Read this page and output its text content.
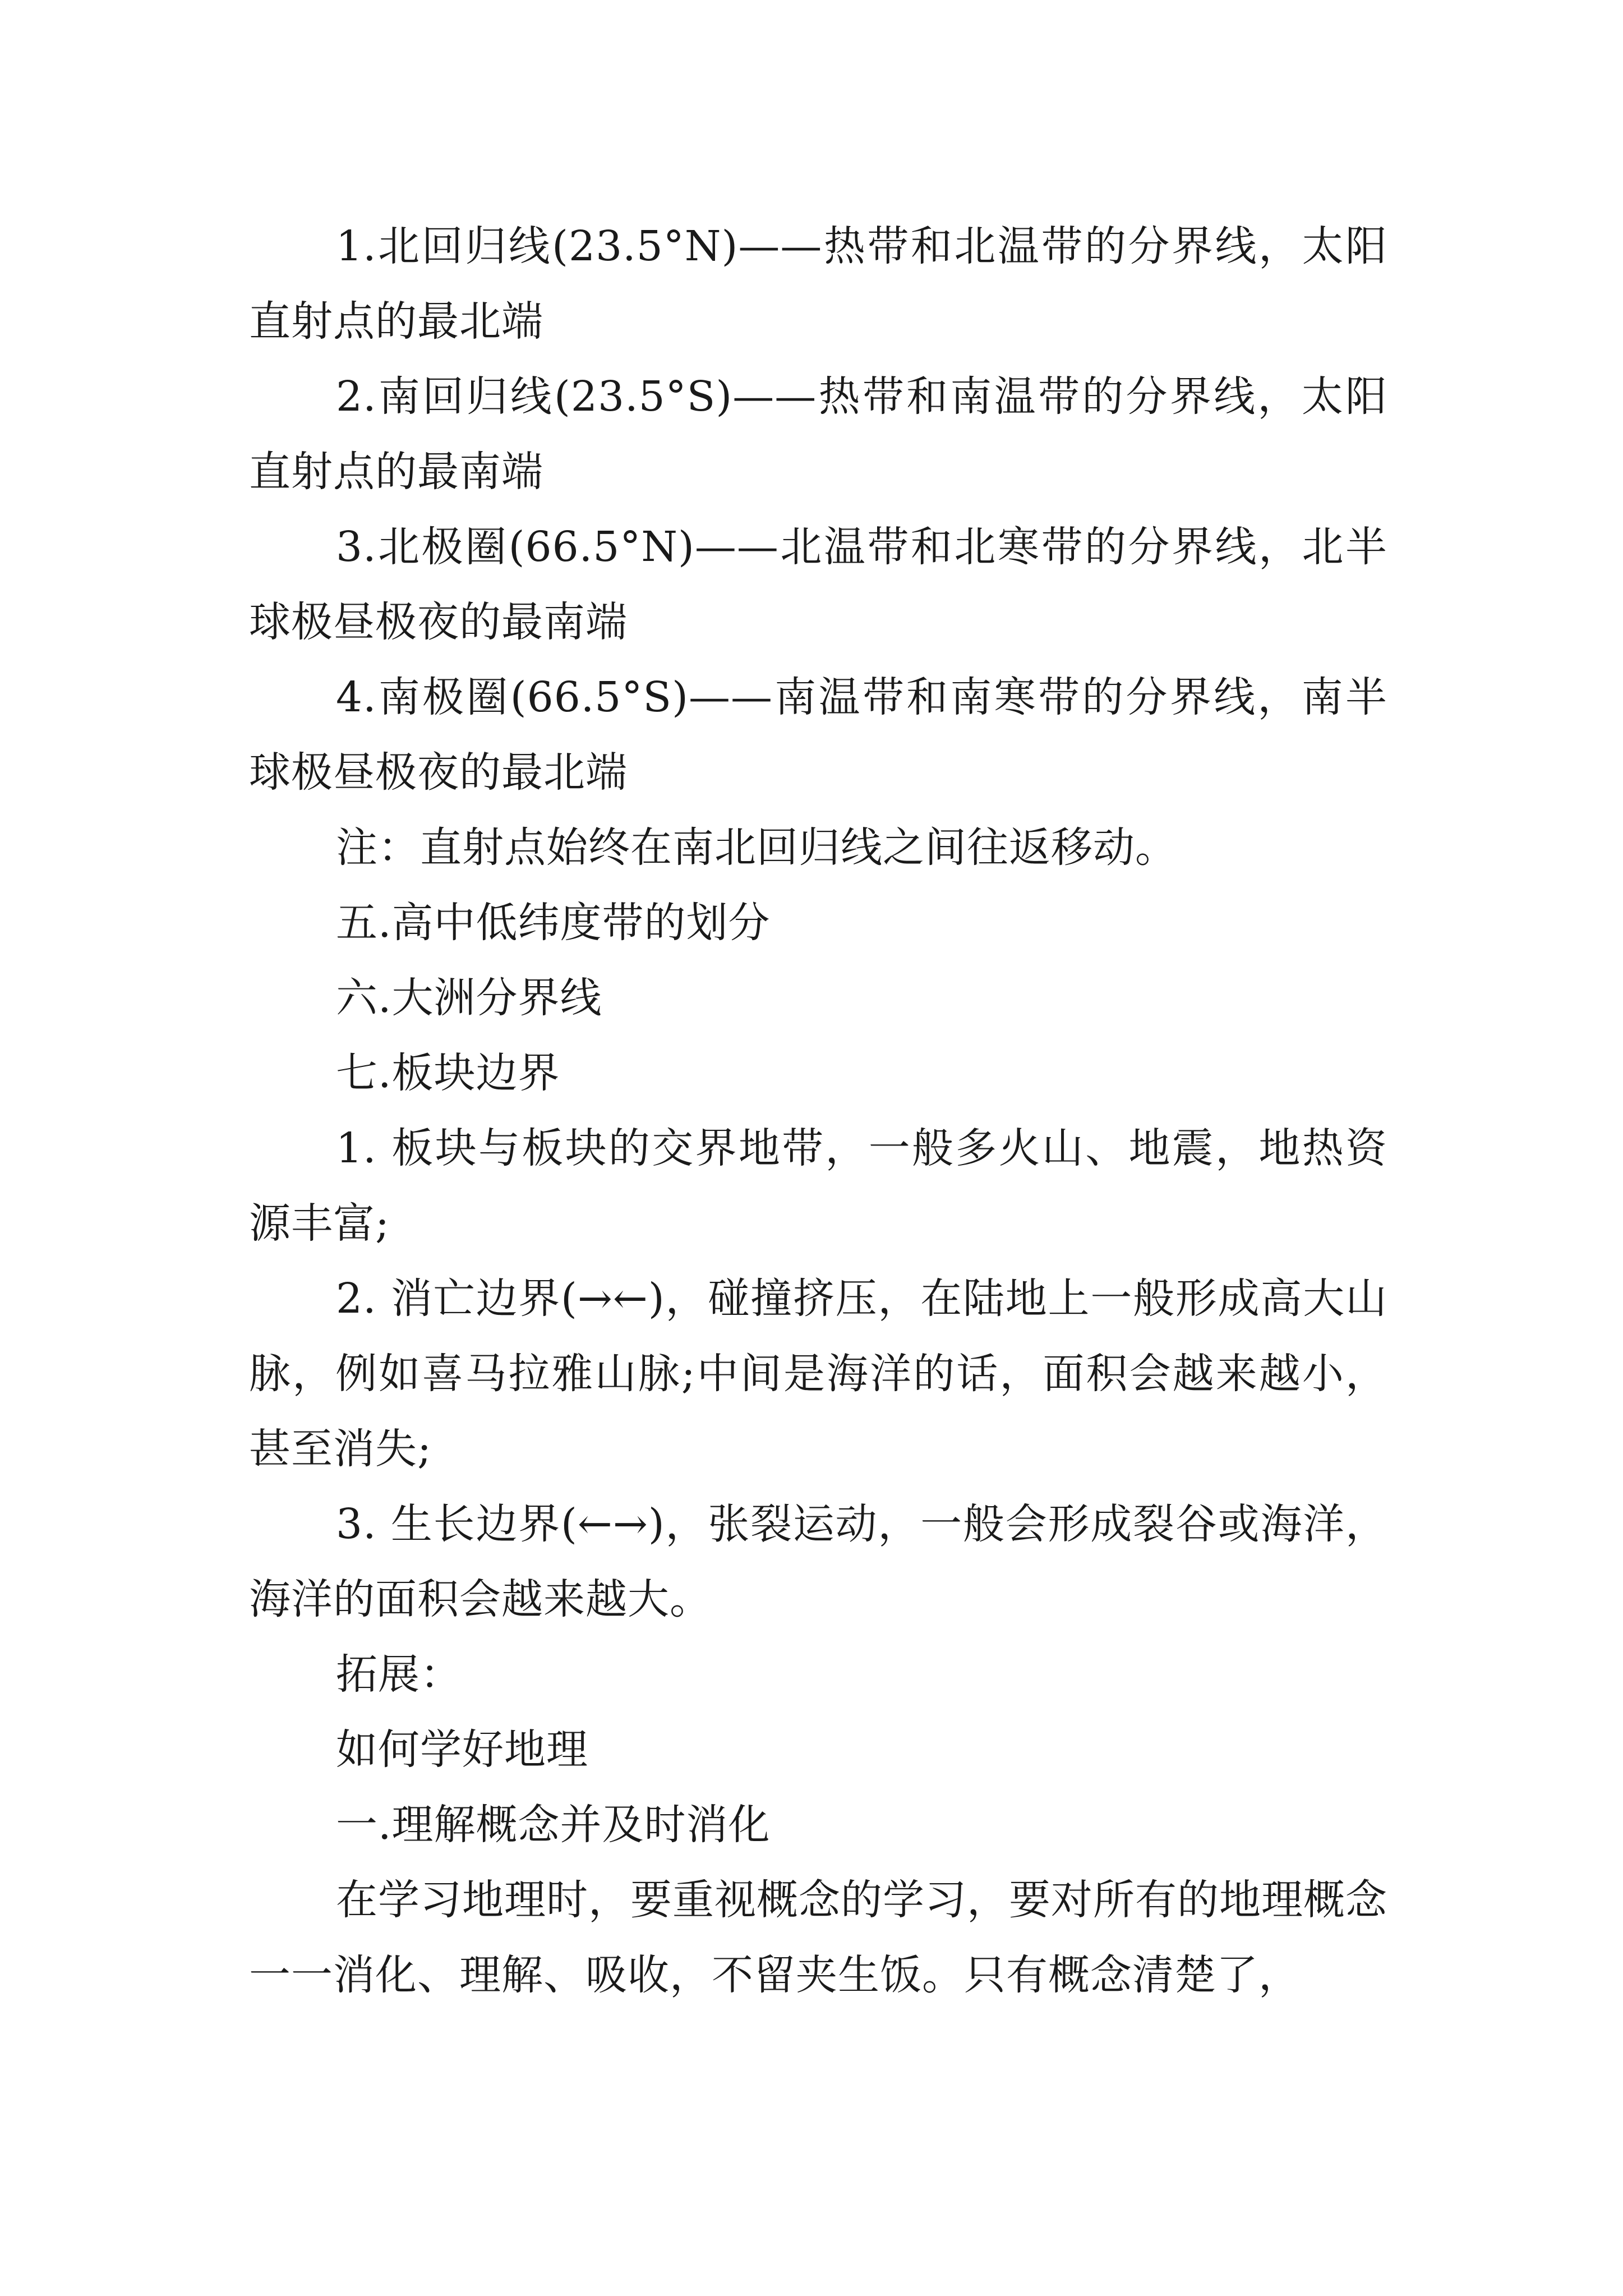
1.北回归线(23.5°N)——热带和北温带的分界线，太阳直射点的最北端

2.南回归线(23.5°S)——热带和南温带的分界线，太阳直射点的最南端

3.北极圈(66.5°N)——北温带和北寒带的分界线，北半球极昼极夜的最南端

4.南极圈(66.5°S)——南温带和南寒带的分界线，南半球极昼极夜的最北端

注：直射点始终在南北回归线之间往返移动。

五.高中低纬度带的划分

六.大洲分界线

七.板块边界

1. 板块与板块的交界地带，一般多火山、地震，地热资源丰富;

2. 消亡边界(→←)，碰撞挤压，在陆地上一般形成高大山脉，例如喜马拉雅山脉;中间是海洋的话，面积会越来越小，甚至消失;

3. 生长边界(←→)，张裂运动，一般会形成裂谷或海洋，海洋的面积会越来越大。

拓展：

如何学好地理

一.理解概念并及时消化

在学习地理时，要重视概念的学习，要对所有的地理概念一一消化、理解、吸收，不留夹生饭。只有概念清楚了，
